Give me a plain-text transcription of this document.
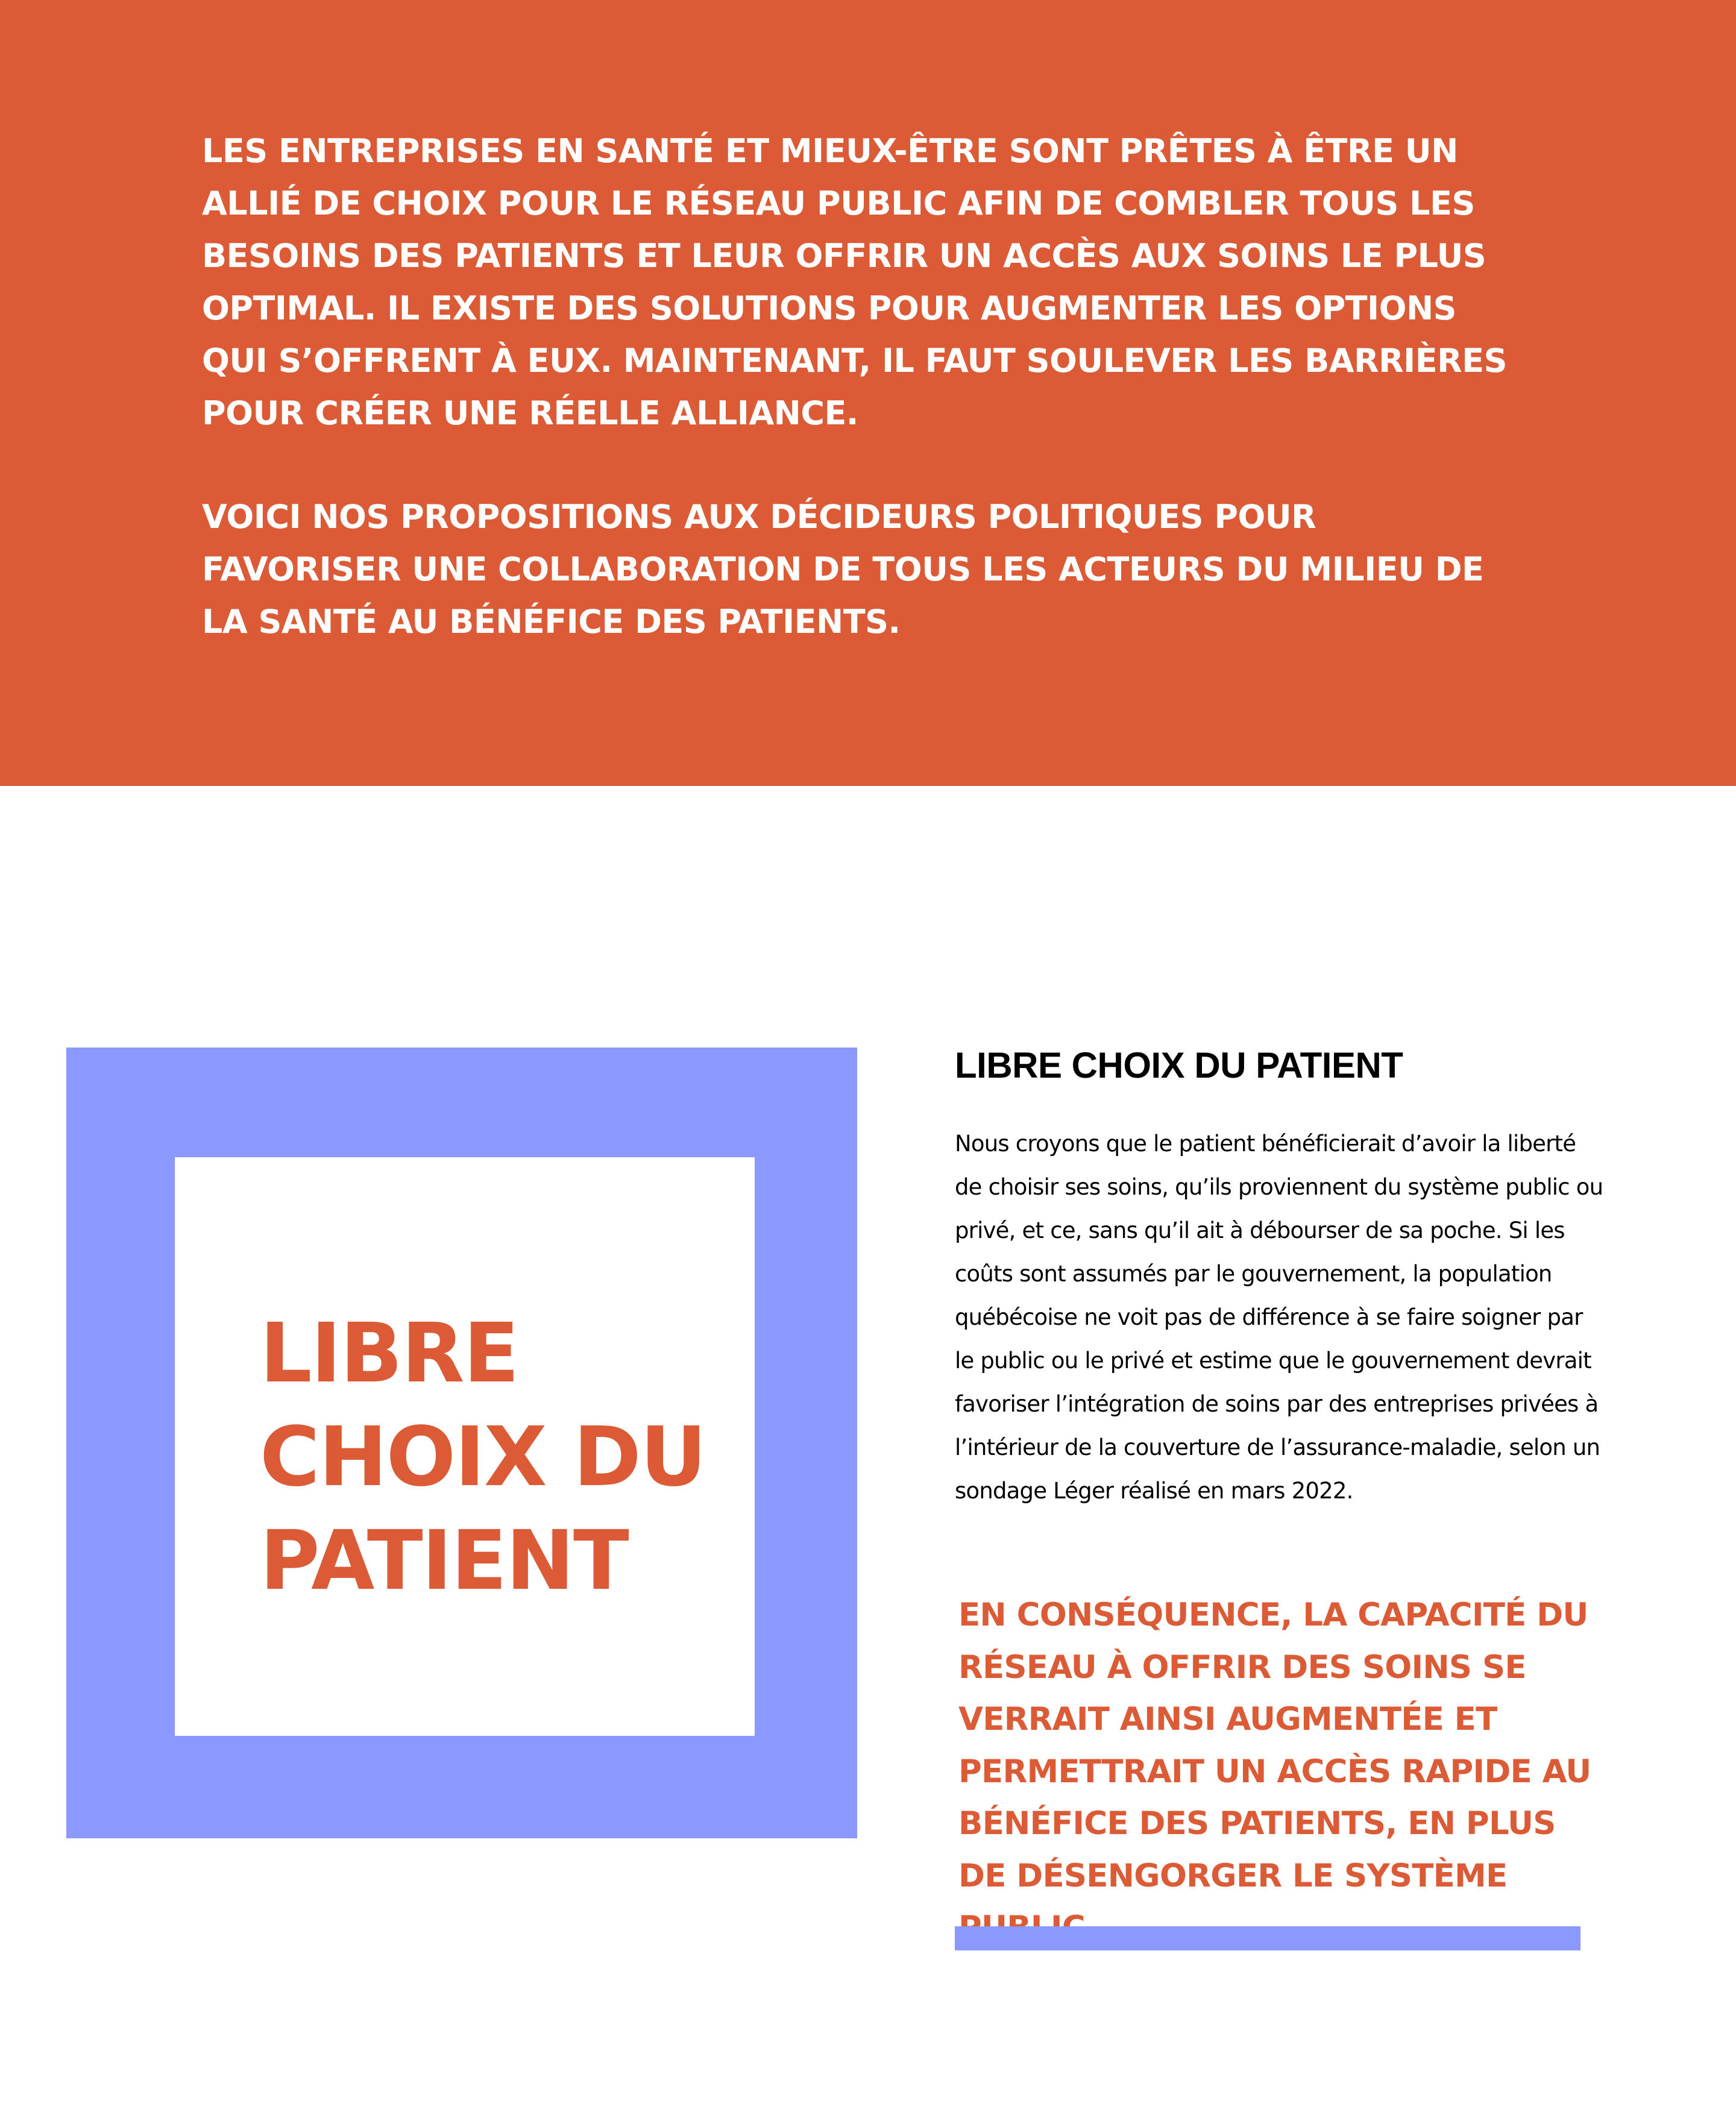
LES ENTREPRISES EN SANTÉ ET MIEUX-ÊTRE SONT PRÊTES À ÊTRE UN ALLIÉ DE CHOIX POUR LE RÉSEAU PUBLIC AFIN DE COMBLER TOUS LES BESOINS DES PATIENTS ET LEUR OFFRIR UN ACCÈS AUX SOINS LE PLUS OPTIMAL. IL EXISTE DES SOLUTIONS POUR AUGMENTER LES OPTIONS QUI S’OFFRENT À EUX. MAINTENANT, IL FAUT SOULEVER LES BARRIÈRES POUR CRÉER UNE RÉELLE ALLIANCE.

VOICI NOS PROPOSITIONS AUX DÉCIDEURS POLITIQUES POUR FAVORISER UNE COLLABORATION DE TOUS LES ACTEURS DU MILIEU DE LA SANTÉ AU BÉNÉFICE DES PATIENTS.

LIBRE CHOIX DU PATIENT
LIBRE CHOIX DU PATIENT

Nous croyons que le patient bénéficierait d’avoir la liberté de choisir ses soins, qu’ils proviennent du système public ou privé, et ce, sans qu’il ait à débourser de sa poche. Si les coûts sont assumés par le gouvernement, la population québécoise ne voit pas de différence à se faire soigner par le public ou le privé et estime que le gouvernement devrait favoriser l’intégration de soins par des entreprises privées à l’intérieur de la couverture de l’assurance-maladie, selon un sondage Léger réalisé en mars 2022.

EN CONSÉQUENCE, LA CAPACITÉ DU RÉSEAU À OFFRIR DES SOINS SE VERRAIT AINSI AUGMENTÉE ET PERMETTRAIT UN ACCÈS RAPIDE AU BÉNÉFICE DES PATIENTS, EN PLUS DE DÉSENGORGER LE SYSTÈME
